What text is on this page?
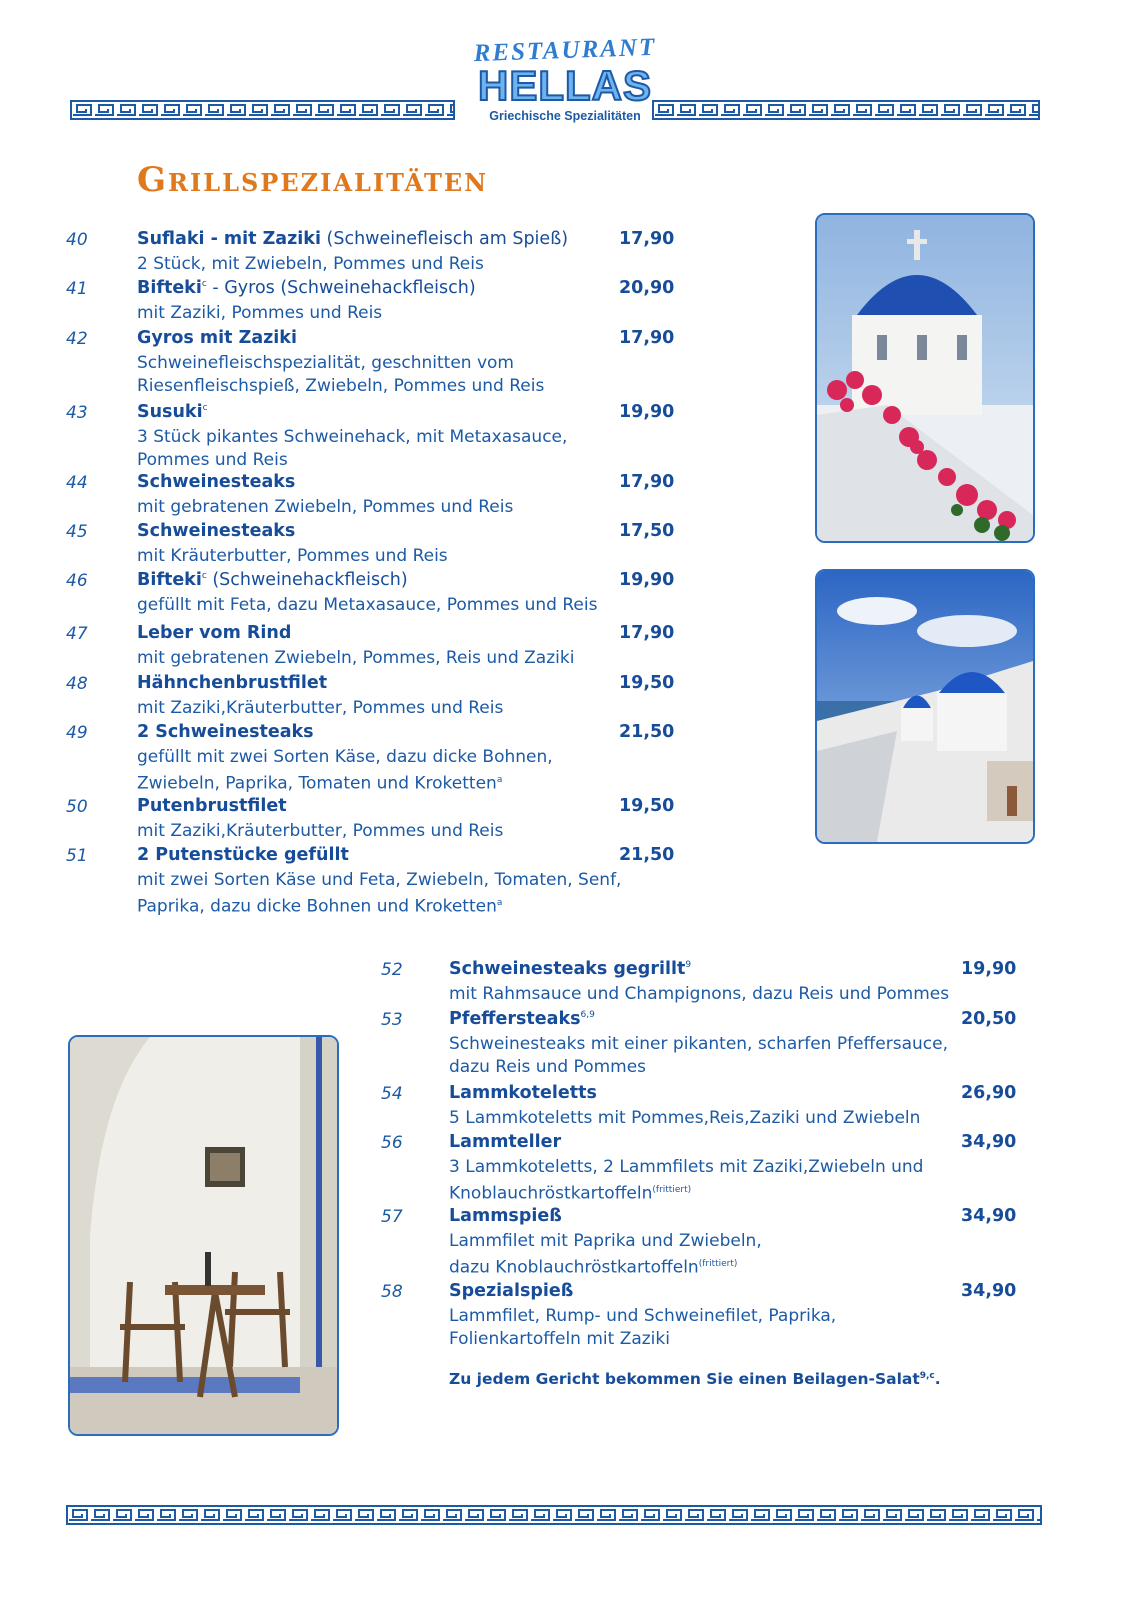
RESTAURANT
HELLAS
Griechische Spezialitäten
Grillspezialitäten
40	Suflaki - mit Zaziki (Schweinefleisch am Spieß)	17,90
2 Stück, mit Zwiebeln, Pommes und Reis
41	Bifteki$^c$ - Gyros (Schweinehackfleisch)	20,90
mit Zaziki, Pommes und Reis
42	Gyros mit Zaziki	17,90
Schweinefleischspezialität, geschnitten vom
Riesenfleischspieß, Zwiebeln, Pommes und Reis
43	Susuki$^c$	19,90
3 Stück pikantes Schweinehack, mit Metaxasauce,
Pommes und Reis
44	Schweinesteaks	17,90
mit gebratenen Zwiebeln, Pommes und Reis
45	Schweinesteaks	17,50
mit Kräuterbutter, Pommes und Reis
46	Bifteki$^c$ (Schweinehackfleisch)	19,90
gefüllt mit Feta, dazu Metaxasauce, Pommes und Reis
47	Leber vom Rind	17,90
mit gebratenen Zwiebeln, Pommes, Reis und Zaziki
48	Hähnchenbrustfilet	19,50
mit Zaziki,Kräuterbutter, Pommes und Reis
49	2 Schweinesteaks	21,50
gefüllt mit zwei Sorten Käse, dazu dicke Bohnen,
Zwiebeln, Paprika, Tomaten und Kroketten$^a$
50	Putenbrustfilet	19,50
mit Zaziki,Kräuterbutter, Pommes und Reis
51	2 Putenstücke gefüllt	21,50
mit zwei Sorten Käse und Feta, Zwiebeln, Tomaten, Senf,
Paprika, dazu dicke Bohnen und Kroketten$^a$
52	Schweinesteaks gegrillt$^9$	19,90
mit Rahmsauce und Champignons, dazu Reis und Pommes
53	Pfeffersteaks$^{6,9}$	20,50
Schweinesteaks mit einer pikanten, scharfen Pfeffersauce,
dazu Reis und Pommes
54	Lammkoteletts	26,90
5 Lammkoteletts mit Pommes,Reis,Zaziki und Zwiebeln
56	Lammteller	34,90
3 Lammkoteletts, 2 Lammfilets mit Zaziki,Zwiebeln und
Knoblauchröstkartoffeln$^{(frittiert)}$
57	Lammspieß	34,90
Lammfilet mit Paprika und Zwiebeln,
dazu Knoblauchröstkartoffeln$^{(frittiert)}$
58	Spezialspieß	34,90
Lammfilet, Rump- und Schweinefilet, Paprika,
Folienkartoffeln mit Zaziki
Zu jedem Gericht bekommen Sie einen Beilagen-Salat$^{9,c}$.
